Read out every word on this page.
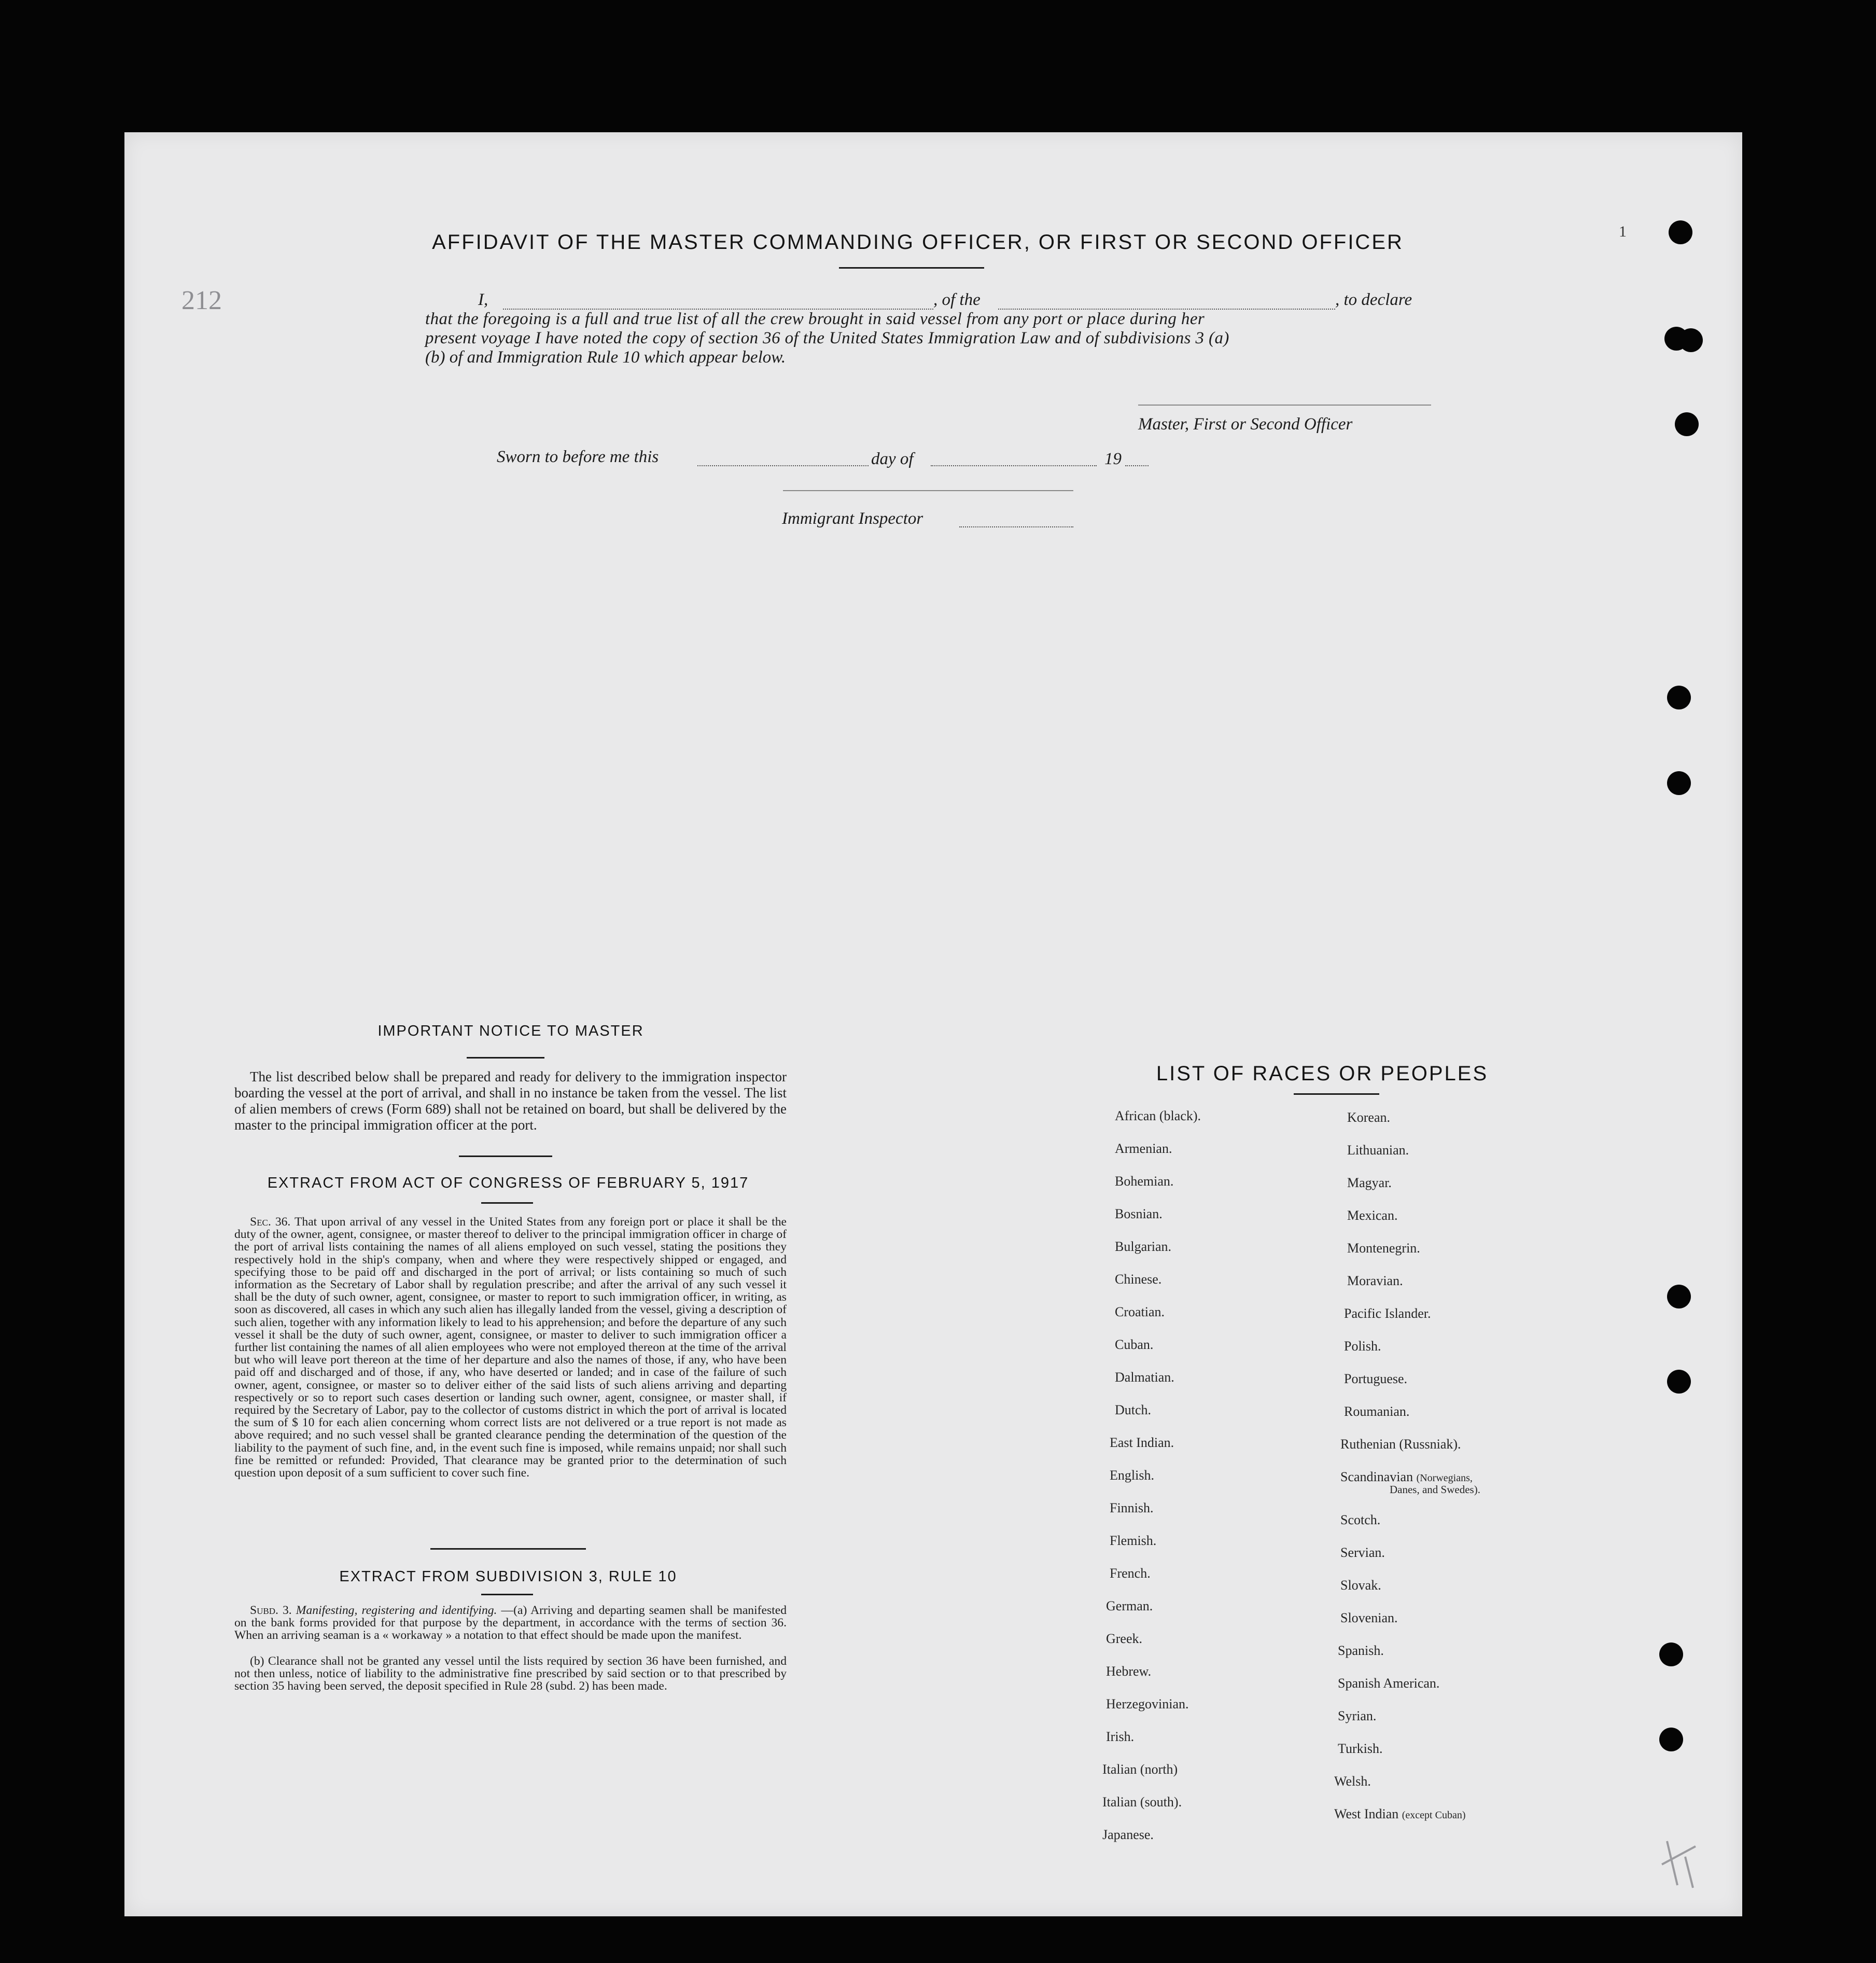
212
1
AFFIDAVIT OF THE MASTER COMMANDING OFFICER, OR FIRST OR SECOND OFFICER
I,	, of the	, to declare
that the foregoing is a full and true list of all the crew brought in said vessel from any port or place during her
present voyage I have noted the copy of section 36 of the United States Immigration Law and of subdivisions 3 (a)
(b) of and Immigration Rule 10 which appear below.
Master, First or Second Officer
Sworn to before me this	day of	19
Immigrant Inspector
IMPORTANT NOTICE TO MASTER
The list described below shall be prepared and ready for delivery to the immigration inspector boarding the vessel at the port of arrival, and shall in no instance be taken from the vessel. The list of alien members of crews (Form 689) shall not be retained on board, but shall be delivered by the master to the principal immigration officer at the port.
EXTRACT FROM ACT OF CONGRESS OF FEBRUARY 5, 1917
Sec. 36. That upon arrival of any vessel in the United States from any foreign port or place it shall be the duty of the owner, agent, consignee, or master thereof to deliver to the principal immigration officer in charge of the port of arrival lists containing the names of all aliens employed on such vessel, stating the positions they respectively hold in the ship's company, when and where they were respectively shipped or engaged, and specifying those to be paid off and discharged in the port of arrival; or lists containing so much of such information as the Secretary of Labor shall by regulation prescribe; and after the arrival of any such vessel it shall be the duty of such owner, agent, consignee, or master to report to such immigration officer, in writing, as soon as discovered, all cases in which any such alien has illegally landed from the vessel, giving a description of such alien, together with any information likely to lead to his apprehension; and before the departure of any such vessel it shall be the duty of such owner, agent, consignee, or master to deliver to such immigration officer a further list containing the names of all alien employees who were not employed thereon at the time of the arrival but who will leave port thereon at the time of her departure and also the names of those, if any, who have been paid off and discharged and of those, if any, who have deserted or landed; and in case of the failure of such owner, agent, consignee, or master so to deliver either of the said lists of such aliens arriving and departing respectively or so to report such cases desertion or landing such owner, agent, consignee, or master shall, if required by the Secretary of Labor, pay to the collector of customs district in which the port of arrival is located the sum of $ 10 for each alien concerning whom correct lists are not delivered or a true report is not made as above required; and no such vessel shall be granted clearance pending the determination of the question of the liability to the payment of such fine, and, in the event such fine is imposed, while remains unpaid; nor shall such fine be remitted or refunded: Provided, That clearance may be granted prior to the determination of such question upon deposit of a sum sufficient to cover such fine.
EXTRACT FROM SUBDIVISION 3, RULE 10
Subd. 3. Manifesting, registering and identifying. —(a) Arriving and departing seamen shall be manifested on the bank forms provided for that purpose by the department, in accordance with the terms of section 36. When an arriving seaman is a « workaway » a notation to that effect should be made upon the manifest.
(b) Clearance shall not be granted any vessel until the lists required by section 36 have been furnished, and not then unless, notice of liability to the administrative fine prescribed by said section or to that prescribed by section 35 having been served, the deposit specified in Rule 28 (subd. 2) has been made.
LIST OF RACES OR PEOPLES
African (black).
Armenian.
Bohemian.
Bosnian.
Bulgarian.
Chinese.
Croatian.
Cuban.
Dalmatian.
Dutch.
East Indian.
English.
Finnish.
Flemish.
French.
German.
Greek.
Hebrew.
Herzegovinian.
Irish.
Italian (north)
Italian (south).
Japanese.
Korean.
Lithuanian.
Magyar.
Mexican.
Montenegrin.
Moravian.
Pacific Islander.
Polish.
Portuguese.
Roumanian.
Ruthenian (Russniak).
Scandinavian (Norwegians,
Danes, and Swedes).
Scotch.
Servian.
Slovak.
Slovenian.
Spanish.
Spanish American.
Syrian.
Turkish.
Welsh.
West Indian (except Cuban)
